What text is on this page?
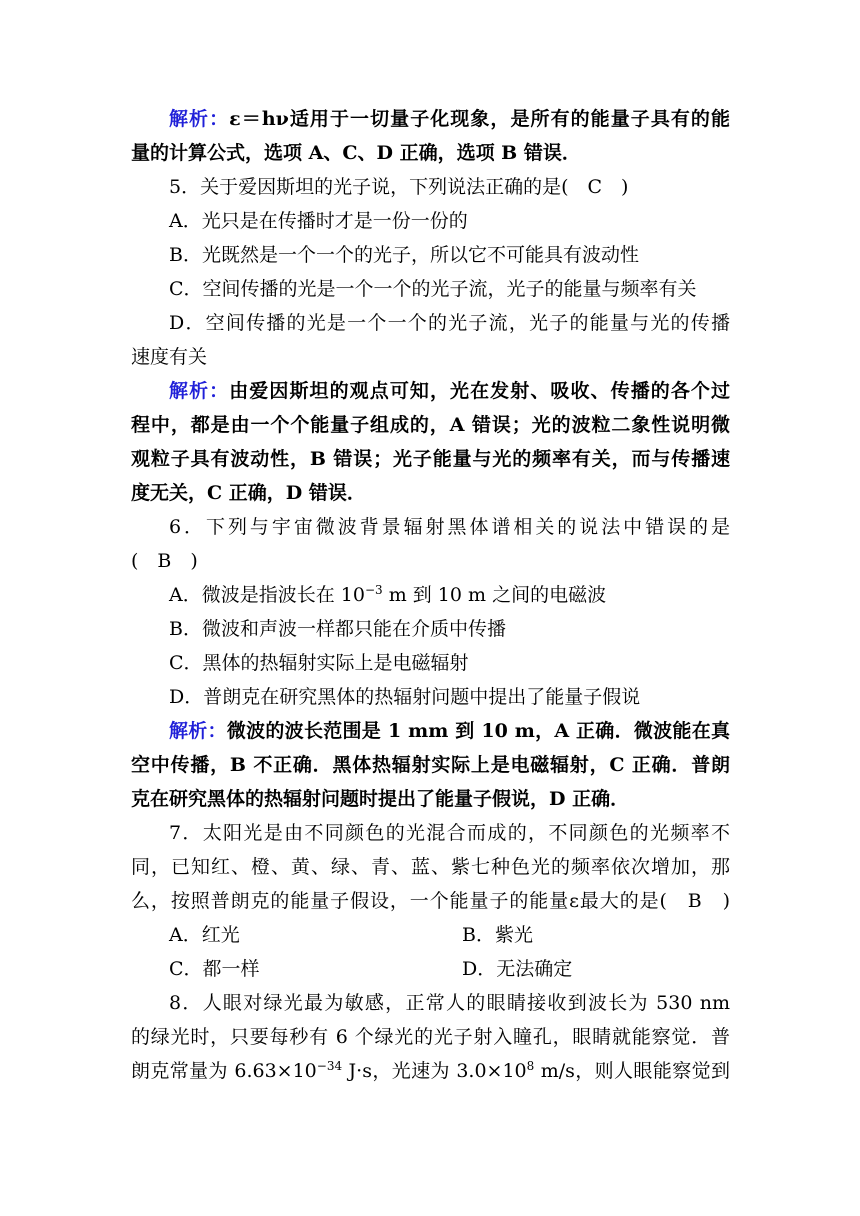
解析：ε＝hν适用于一切量子化现象，是所有的能量子具有的能
量的计算公式，选项 A、C、D 正确，选项 B 错误．
5．关于爱因斯坦的光子说，下列说法正确的是(　C　)
A．光只是在传播时才是一份一份的
B．光既然是一个一个的光子，所以它不可能具有波动性
C．空间传播的光是一个一个的光子流，光子的能量与频率有关
D．空间传播的光是一个一个的光子流，光子的能量与光的传播
速度有关
解析：由爱因斯坦的观点可知，光在发射、吸收、传播的各个过
程中，都是由一个个能量子组成的，A 错误；光的波粒二象性说明微
观粒子具有波动性，B 错误；光子能量与光的频率有关，而与传播速
度无关，C 正确，D 错误．
6．下列与宇宙微波背景辐射黑体谱相关的说法中错误的是
(　B　)
A．微波是指波长在 $10^{-3}$ m 到 10 m 之间的电磁波
B．微波和声波一样都只能在介质中传播
C．黑体的热辐射实际上是电磁辐射
D．普朗克在研究黑体的热辐射问题中提出了能量子假说
解析：微波的波长范围是 1 mm 到 10 m，A 正确．微波能在真
空中传播，B 不正确．黑体热辐射实际上是电磁辐射，C 正确．普朗
克在研究黑体的热辐射问题时提出了能量子假说，D 正确．
7．太阳光是由不同颜色的光混合而成的，不同颜色的光频率不
同，已知红、橙、黄、绿、青、蓝、紫七种色光的频率依次增加，那
么，按照普朗克的能量子假设，一个能量子的能量ε最大的是(　B　)
A．红光	B．紫光
C．都一样	D．无法确定
8．人眼对绿光最为敏感，正常人的眼睛接收到波长为 530 nm
的绿光时，只要每秒有 6 个绿光的光子射入瞳孔，眼睛就能察觉．普
朗克常量为 $6.63\times 10^{-34}$ J·s，光速为 $3.0\times 10^8$ m/s，则人眼能察觉到
